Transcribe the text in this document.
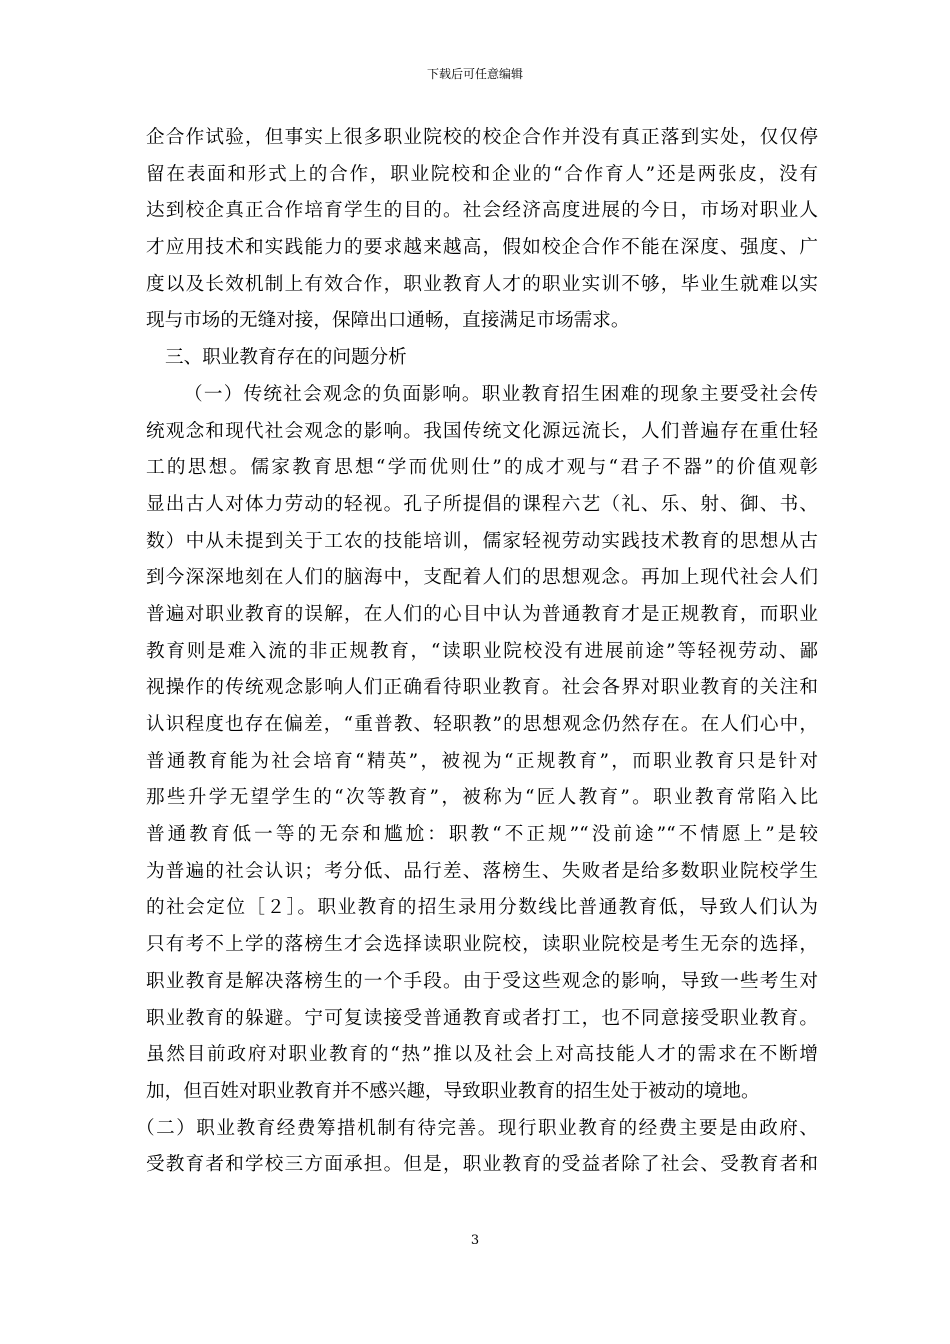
下载后可任意编辑
企合作试验，但事实上很多职业院校的校企合作并没有真正落到实处，仅仅停
留在表面和形式上的合作，职业院校和企业的“合作育人”还是两张皮，没有
达到校企真正合作培育学生的目的。社会经济高度进展的今日，市场对职业人
才应用技术和实践能力的要求越来越高，假如校企合作不能在深度、强度、广
度以及长效机制上有效合作，职业教育人才的职业实训不够，毕业生就难以实
现与市场的无缝对接，保障出口通畅，直接满足市场需求。
三、职业教育存在的问题分析
（一）传统社会观念的负面影响。职业教育招生困难的现象主要受社会传
统观念和现代社会观念的影响。我国传统文化源远流长，人们普遍存在重仕轻
工的思想。儒家教育思想“学而优则仕”的成才观与“君子不器”的价值观彰
显出古人对体力劳动的轻视。孔子所提倡的课程六艺（礼、乐、射、御、书、
数）中从未提到关于工农的技能培训，儒家轻视劳动实践技术教育的思想从古
到今深深地刻在人们的脑海中，支配着人们的思想观念。再加上现代社会人们
普遍对职业教育的误解，在人们的心目中认为普通教育才是正规教育，而职业
教育则是难入流的非正规教育，“读职业院校没有进展前途”等轻视劳动、鄙
视操作的传统观念影响人们正确看待职业教育。社会各界对职业教育的关注和
认识程度也存在偏差，“重普教、轻职教”的思想观念仍然存在。在人们心中，
普通教育能为社会培育“精英”，被视为“正规教育”，而职业教育只是针对
那些升学无望学生的“次等教育”，被称为“匠人教育”。职业教育常陷入比
普通教育低一等的无奈和尴尬：职教“不正规”“没前途”“不情愿上”是较
为普遍的社会认识；考分低、品行差、落榜生、失败者是给多数职业院校学生
的社会定位［２］。职业教育的招生录用分数线比普通教育低，导致人们认为
只有考不上学的落榜生才会选择读职业院校，读职业院校是考生无奈的选择，
职业教育是解决落榜生的一个手段。由于受这些观念的影响，导致一些考生对
职业教育的躲避。宁可复读接受普通教育或者打工，也不同意接受职业教育。
虽然目前政府对职业教育的“热”推以及社会上对高技能人才的需求在不断增
加，但百姓对职业教育并不感兴趣，导致职业教育的招生处于被动的境地。
（二）职业教育经费筹措机制有待完善。现行职业教育的经费主要是由政府、
受教育者和学校三方面承担。但是，职业教育的受益者除了社会、受教育者和
3
